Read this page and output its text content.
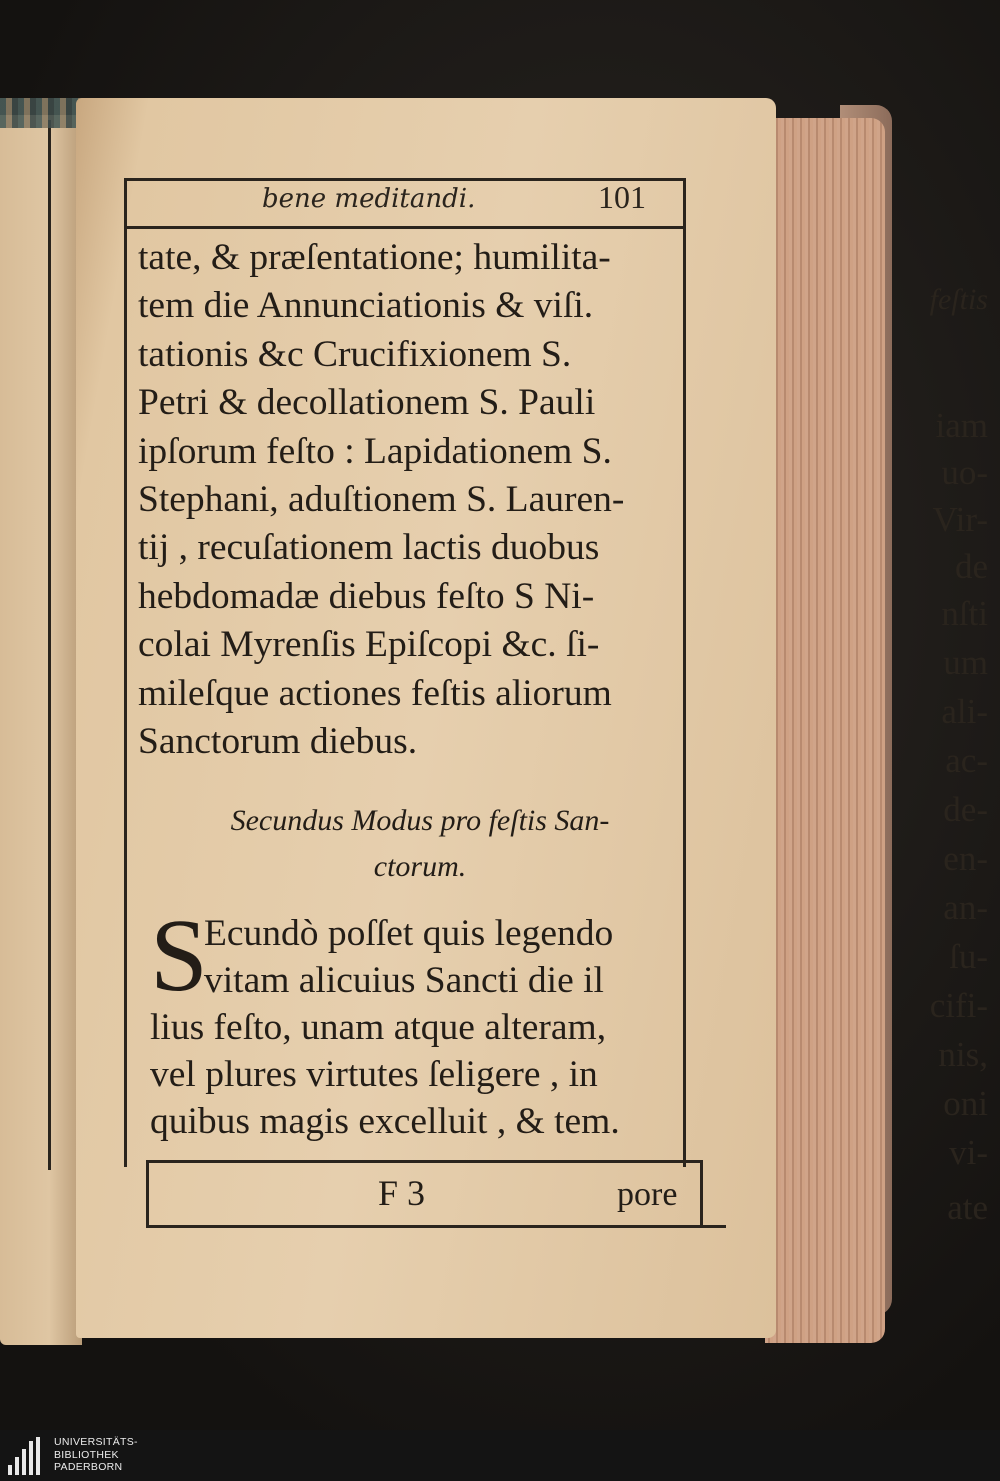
feſtis
iam
uo-
Vir-
de
nſti
um
ali-
ac-
de-
en-
an-
ſu-
cifi-
nis,
oni
vi-
ate
bene meditandi.	101
tate, & præſentatione; humilita-
tem die Annunciationis & viſi.
tationis &c Crucifixionem S.
Petri & decollationem S. Pauli
ipſorum feſto : Lapidationem S.
Stephani, aduſtionem S. Lauren-
tij , recuſationem lactis duobus
hebdomadæ diebus feſto S Ni-
colai Myrenſis Epiſcopi &c. ſi-
mileſque actiones feſtis aliorum
Sanctorum diebus.
Secundus Modus pro feſtis San-
ctorum.
S
Ecundò poſſet quis legendo
vitam alicuius Sancti die il
lius feſto, unam atque alteram,
vel plures virtutes ſeligere , in
quibus magis excelluit , & tem.
F 3	pore
UNIVERSITÄTS-
BIBLIOTHEK
PADERBORN
